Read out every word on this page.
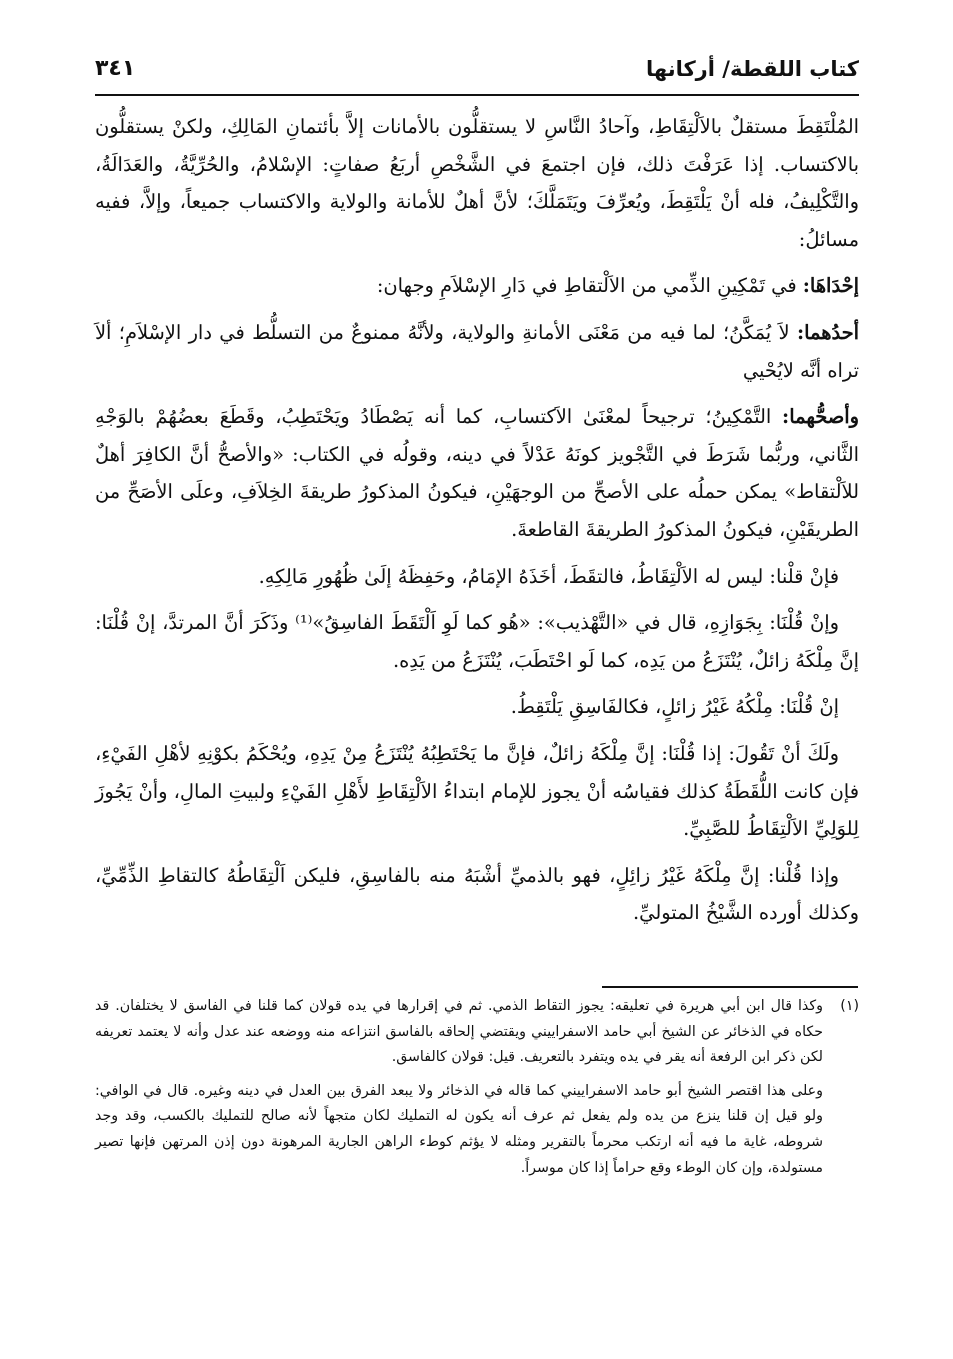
كتاب اللقطة/ أركانها
٣٤١

المُلْتَقِطَ مستقلٌ بالاَلْتِقَاطِ، وآحادُ النَّاسِ لا يستقلُّون بالأمانات إلاَّ بأئتمانِ المَالِكِ، ولكنْ يستقلُّون بالاكتساب. إذا عَرَفْتَ ذلك، فإن اجتمعَ في الشَّخْصِ أربَعُ صفاتٍ: الإسْلامُ، والحُرِّيَّةُ، والعَدَالَةُ، والتَّكْلِيفُ، فله أنْ يَلْتَقِطَ، ويُعرِّفَ ويَتَمَلَّكَ؛ لأنَّ أهلٌ للأمانة والولاية والاكتساب جميعاً، وإلاَّ، ففيه مسائلُ:

إحْدَاهَا: في تَمْكِينِ الذِّمي من الاَلْتقاطِ في دَارِ الإسْلاَمِ وجهان:

أحدُهما: لاَ يُمَكَّنُ؛ لما فيه من مَعْنَى الأمانةِ والولاية، ولأنَّهُ ممنوعٌ من التسلُّط في دار الإسْلاَمِ؛ ألاَ تراه أنَّه لايُحْيي

وأصحُّهما: التَّمْكِينُ؛ ترجيحاً لمعْنَىٰ الاَكتسابِ، كما أنه يَصْطَادُ ويَحْتَطِبُ، وقَطَعَ بعضُهُمْ بالوَجْهِ الثَّاني، وربُّما شَرَطَ في التَّجْويز كونَهُ عَدْلاً في دينه، وقولُه في الكتاب: «والأصحُّ أنَّ الكافِرَ أهلٌ للاَلْتقاط» يمكن حملُه على الأصحِّ من الوجهَيْنِ، فيكونُ المذكورُ طريقةَ الخِلاَفِ، وعلَى الأصَحِّ من الطريقَيْنِ، فيكونُ المذكورُ الطريقةَ القاطعةَ.

فإنْ قلْنا: ليس له الاَلْتِقَاطُ، فالتقَطَ، أخَذَهُ الإمَامُ، وحَفِظَهُ إلَىٰ ظُهُورِ مَالِكِهِ.

وإنْ قُلْنَا: بِجَوَازِهِ، قال في «التَّهْذيب»: «هُو كما لَوِ اَلْتَقَطَ الفاسِقُ»⁽¹⁾ وذَكَرَ أنَّ المرتدَّ، إنْ قُلْنَا: إنَّ مِلْكَهُ زائلٌ، يُنْتَزَعُ من يَدِه، كما لَو احْتَطَبَ، يُنْتَزَعُ من يَدِه.

إنْ قُلْنَا: مِلْكُهُ غَيْرُ زائلٍ، فكالفَاسِقِ يَلْتَقِطُ.

ولَكَ أنْ تَقُولَ: إذا قُلْنَا: إنَّ مِلْكَهُ زائلٌ، فإنَّ ما يَحْتَطِبُهُ يُنْتَزَعُ مِنْ يَدِهِ، ويُحْكَمُ بكوْنِهِ لأهْلِ الفَيْءِ، فإن كانت اللُّقَطَةُ كذلك فقياسُه أنْ يجوز للإمام ابتداءُ الاَلْتِقَاطِ لأَهْلِ الفَيْءِ ولبيتِ المالِ، وأنْ يَجُوزَ لِلوَلِيِّ الاَلْتِقَاطُ للصَّبِيِّ.

وإذا قُلْنا: إنَّ مِلْكَهُ غَيْرُ زائِلٍ، فهو بالذميِّ أشْبَهُ منه بالفاسِقِ، فليكن اَلْتِقَاطُهُ كالتقاطِ الذِّمِّيِّ، وكذلك أورده الشَّيْخُ المتوليِّ.

(١)

وكذا قال ابن أبي هريرة في تعليقه: يجوز التقاط الذمي. ثم في إقرارها في يده قولان كما قلنا في الفاسق لا يختلفان. قد حكاه في الذخائر عن الشيخ أبي حامد الاسفراييني ويقتضي إلحاقه بالفاسق انتزاعه منه ووضعه عند عدل وأنه لا يعتمد تعريفه لكن ذكر ابن الرفعة أنه يقر في يده ويتفرد بالتعريف. قيل: قولان كالفاسق.

وعلى هذا اقتصر الشيخ أبو حامد الاسفراييني كما قاله في الذخائر ولا يبعد الفرق بين العدل في دينه وغيره. قال في الوافي: ولو قيل إن قلنا ينزع من يده ولم يفعل ثم عرف أنه يكون له التمليك لكان متجهاً لأنه صالح للتمليك بالكسب، وقد وجد شروطه، غاية ما فيه أنه ارتكب محرماً بالتقرير ومثله لا يؤثم كوطء الراهن الجارية المرهونة دون إذن المرتهن فإنها تصير مستولدة، وإن كان الوطء وقع حراماً إذا كان موسراً.
